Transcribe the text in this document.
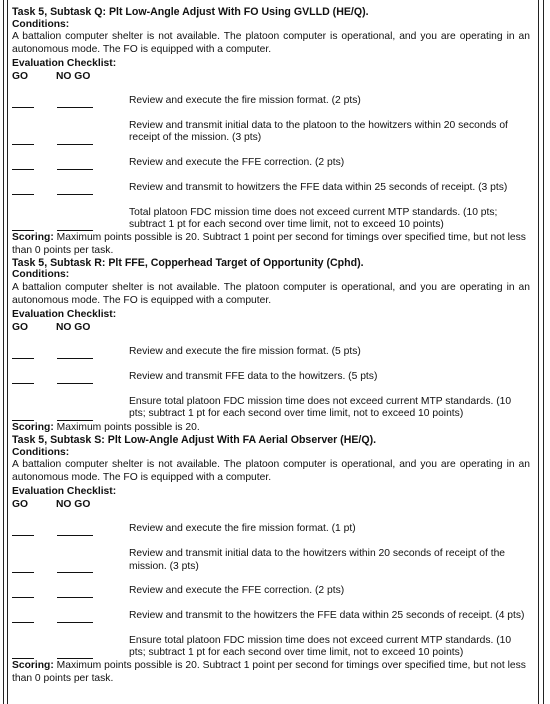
Task 5, Subtask Q: Plt Low-Angle Adjust With FO Using GVLLD (HE/Q).

Conditions:

A battalion computer shelter is not available. The platoon computer is operational, and you are operating in an autonomous mode. The FO is equipped with a computer.

Evaluation Checklist:

GO	NO GO
Review and execute the fire mission format. (2 pts)
Review and transmit initial data to the platoon to the howitzers within 20 seconds of receipt of the mission. (3 pts)
Review and execute the FFE correction. (2 pts)
Review and transmit to howitzers the FFE data within 25 seconds of receipt. (3 pts)
Total platoon FDC mission time does not exceed current MTP standards. (10 pts; subtract 1 pt for each second over time limit, not to exceed 10 points)

Scoring: Maximum points possible is 20. Subtract 1 point per second for timings over specified time, but not less than 0 points per task.

Task 5, Subtask R: Plt FFE, Copperhead Target of Opportunity (Cphd).

Conditions:

A battalion computer shelter is not available. The platoon computer is operational, and you are operating in an autonomous mode. The FO is equipped with a computer.

Evaluation Checklist:

GO	NO GO
Review and execute the fire mission format. (5 pts)
Review and transmit FFE data to the howitzers. (5 pts)
Ensure total platoon FDC mission time does not exceed current MTP standards. (10 pts; subtract 1 pt for each second over time limit, not to exceed 10 points)

Scoring: Maximum points possible is 20.

Task 5, Subtask S: Plt Low-Angle Adjust With FA Aerial Observer (HE/Q).

Conditions:

A battalion computer shelter is not available. The platoon computer is operational, and you are operating in an autonomous mode. The FO is equipped with a computer.

Evaluation Checklist:

GO	NO GO
Review and execute the fire mission format. (1 pt)
Review and transmit initial data to the howitzers within 20 seconds of receipt of the mission. (3 pts)
Review and execute the FFE correction. (2 pts)
Review and transmit to the howitzers the FFE data within 25 seconds of receipt. (4 pts)
Ensure total platoon FDC mission time does not exceed current MTP standards. (10 pts; subtract 1 pt for each second over time limit, not to exceed 10 points)

Scoring: Maximum points possible is 20. Subtract 1 point per second for timings over specified time, but not less than 0 points per task.
